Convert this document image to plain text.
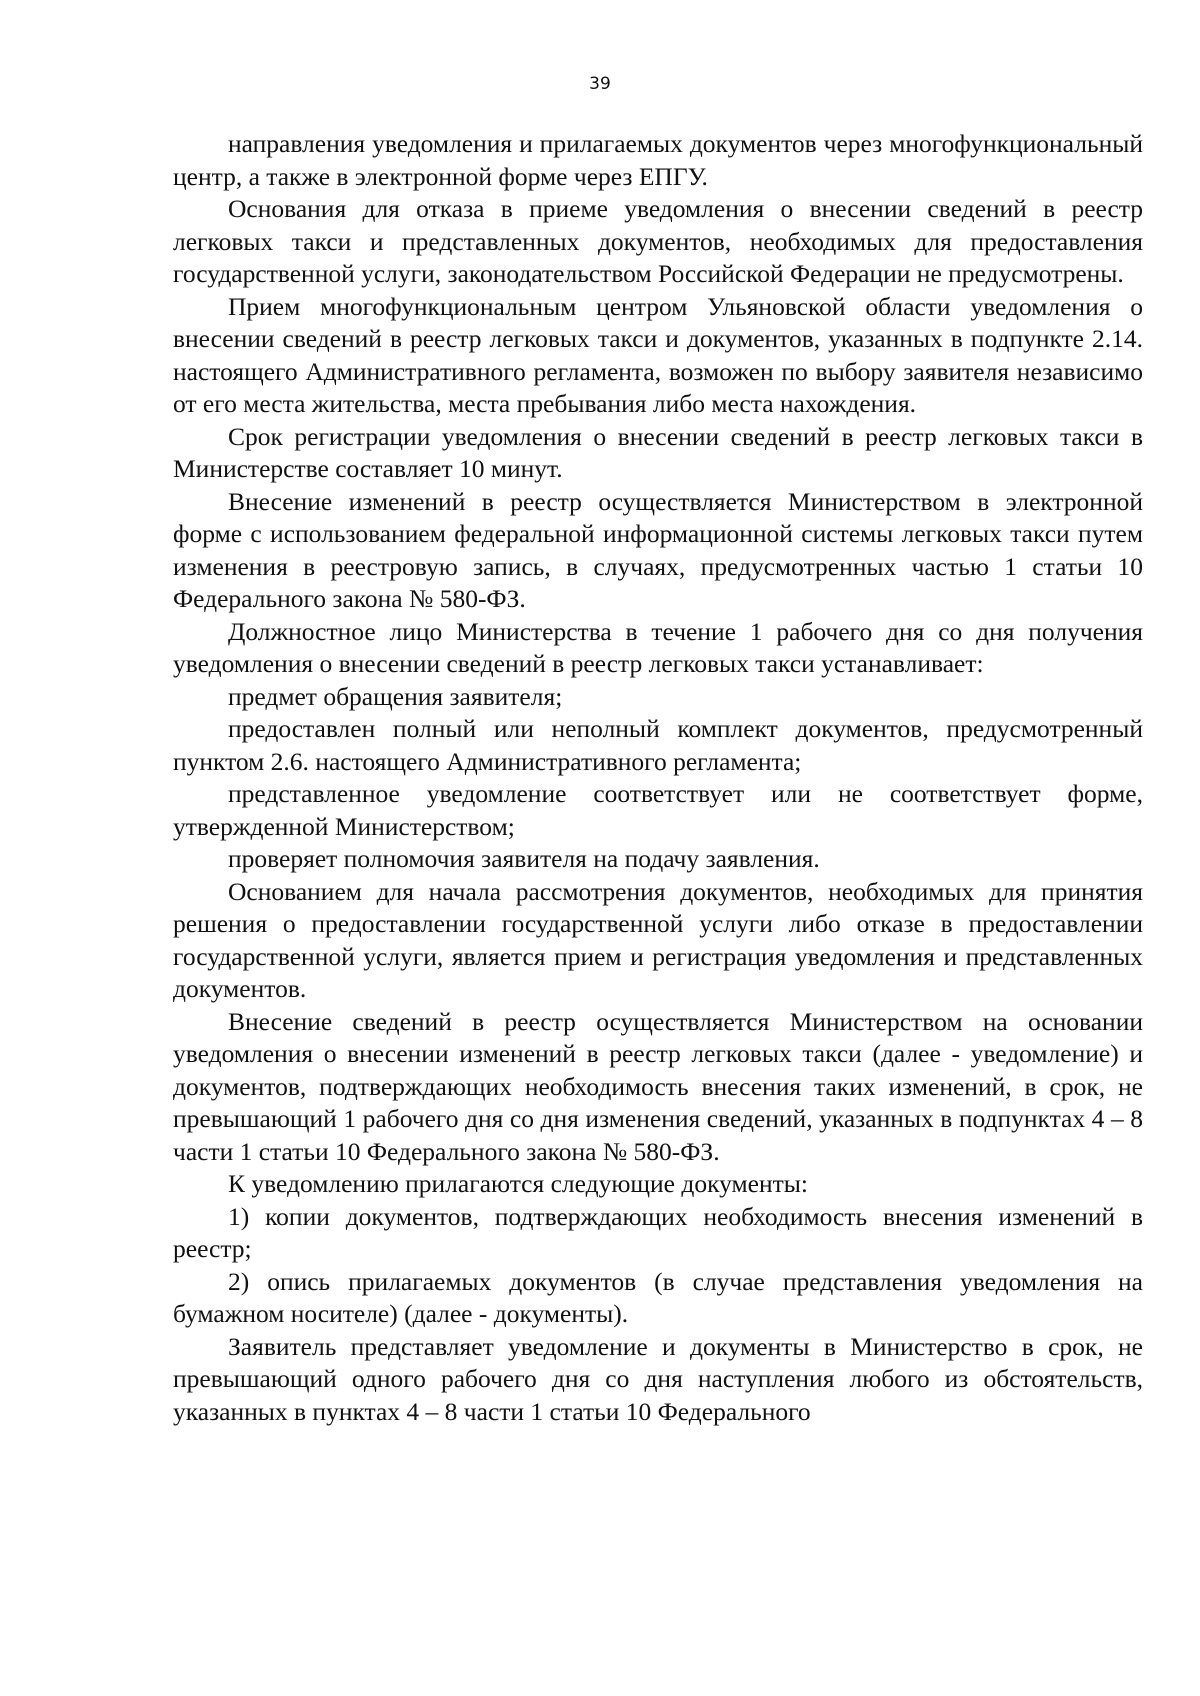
39

направления уведомления и прилагаемых документов через многофункциональный центр, а также в электронной форме через ЕПГУ.

Основания для отказа в приеме уведомления о внесении сведений в реестр легковых такси и представленных документов, необходимых для предоставления государственной услуги, законодательством Российской Федерации не предусмотрены.

Прием многофункциональным центром Ульяновской области уведомления о внесении сведений в реестр легковых такси и документов, указанных в подпункте 2.14. настоящего Административного регламента, возможен по выбору заявителя независимо от его места жительства, места пребывания либо места нахождения.

Срок регистрации уведомления о внесении сведений в реестр легковых такси в Министерстве составляет 10 минут.

Внесение изменений в реестр осуществляется Министерством в электронной форме с использованием федеральной информационной системы легковых такси путем изменения в реестровую запись, в случаях, предусмотренных частью 1 статьи 10 Федерального закона № 580-ФЗ.

Должностное лицо Министерства в течение 1 рабочего дня со дня получения уведомления о внесении сведений в реестр легковых такси устанавливает:

предмет обращения заявителя;

предоставлен полный или неполный комплект документов, предусмотренный пунктом 2.6. настоящего Административного регламента;

представленное уведомление соответствует или не соответствует форме, утвержденной Министерством;

проверяет полномочия заявителя на подачу заявления.

Основанием для начала рассмотрения документов, необходимых для принятия решения о предоставлении государственной услуги либо отказе в предоставлении государственной услуги, является прием и регистрация уведомления и представленных документов.

Внесение сведений в реестр осуществляется Министерством на основании уведомления о внесении изменений в реестр легковых такси (далее - уведомление) и документов, подтверждающих необходимость внесения таких изменений, в срок, не превышающий 1 рабочего дня со дня изменения сведений, указанных в подпунктах 4 – 8 части 1 статьи 10 Федерального закона № 580-ФЗ.

К уведомлению прилагаются следующие документы:

1) копии документов, подтверждающих необходимость внесения изменений в реестр;

2) опись прилагаемых документов (в случае представления уведомления на бумажном носителе) (далее - документы).

Заявитель представляет уведомление и документы в Министерство в срок, не превышающий одного рабочего дня со дня наступления любого из обстоятельств, указанных в пунктах 4 – 8 части 1 статьи 10 Федерального
